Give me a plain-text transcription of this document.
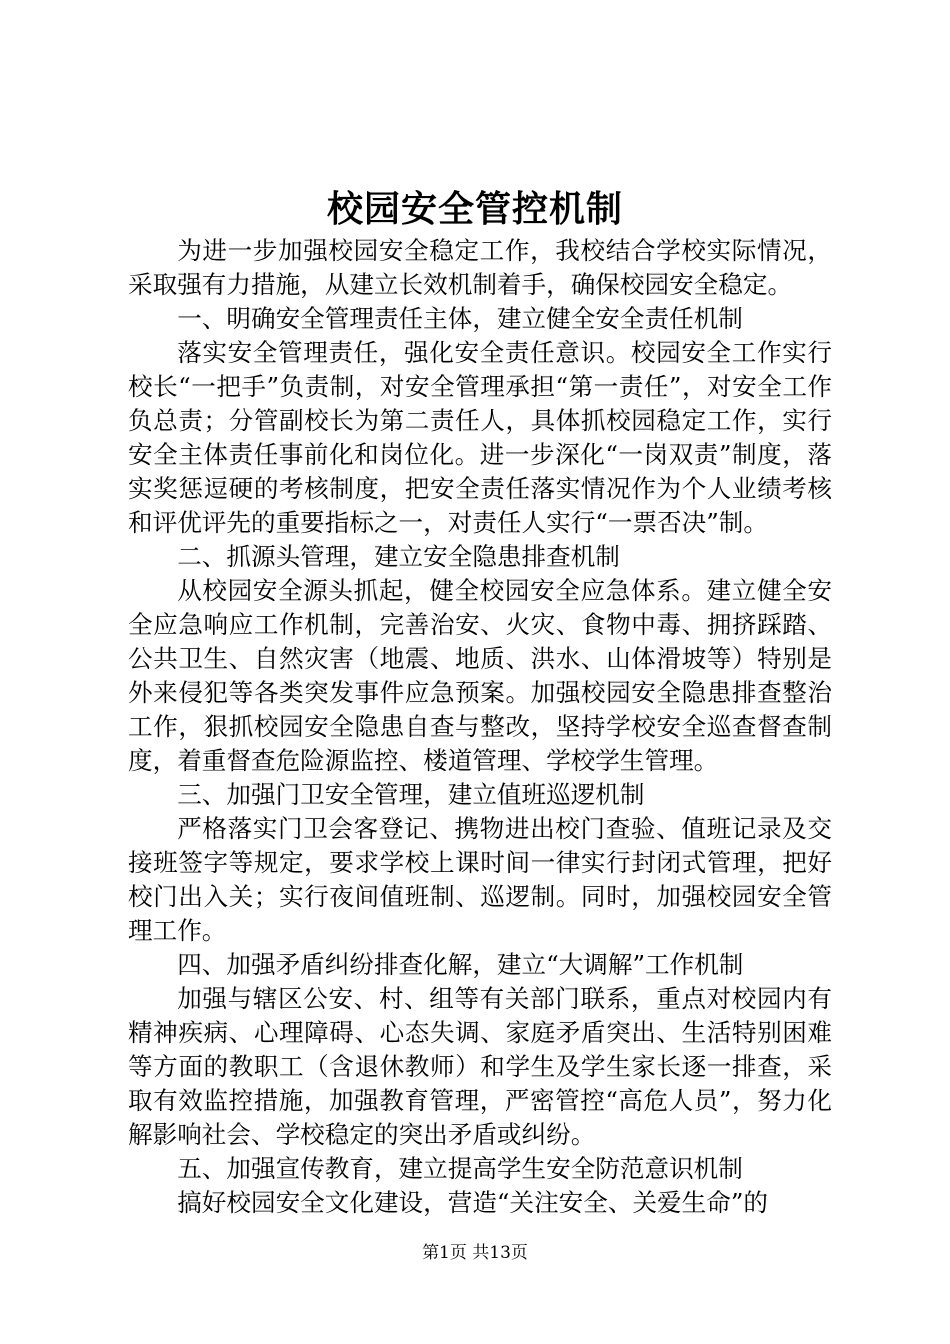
校园安全管控机制

为进一步加强校园安全稳定工作，我校结合学校实际情况，采取强有力措施，从建立长效机制着手，确保校园安全稳定。

一、明确安全管理责任主体，建立健全安全责任机制

落实安全管理责任，强化安全责任意识。校园安全工作实行校长“一把手”负责制，对安全管理承担“第一责任”，对安全工作负总责；分管副校长为第二责任人，具体抓校园稳定工作，实行安全主体责任事前化和岗位化。进一步深化“一岗双责”制度，落实奖惩逗硬的考核制度，把安全责任落实情况作为个人业绩考核和评优评先的重要指标之一，对责任人实行“一票否决”制。

二、抓源头管理，建立安全隐患排查机制

从校园安全源头抓起，健全校园安全应急体系。建立健全安全应急响应工作机制，完善治安、火灾、食物中毒、拥挤踩踏、公共卫生、自然灾害（地震、地质、洪水、山体滑坡等）特别是外来侵犯等各类突发事件应急预案。加强校园安全隐患排查整治工作，狠抓校园安全隐患自查与整改，坚持学校安全巡查督查制度，着重督查危险源监控、楼道管理、学校学生管理。

三、加强门卫安全管理，建立值班巡逻机制

严格落实门卫会客登记、携物进出校门查验、值班记录及交接班签字等规定，要求学校上课时间一律实行封闭式管理，把好校门出入关；实行夜间值班制、巡逻制。同时，加强校园安全管理工作。

四、加强矛盾纠纷排查化解，建立“大调解”工作机制

加强与辖区公安、村、组等有关部门联系，重点对校园内有精神疾病、心理障碍、心态失调、家庭矛盾突出、生活特别困难等方面的教职工（含退休教师）和学生及学生家长逐一排查，采取有效监控措施，加强教育管理，严密管控“高危人员”，努力化解影响社会、学校稳定的突出矛盾或纠纷。

五、加强宣传教育，建立提高学生安全防范意识机制

搞好校园安全文化建设，营造“关注安全、关爱生命”的

第1页 共13页
